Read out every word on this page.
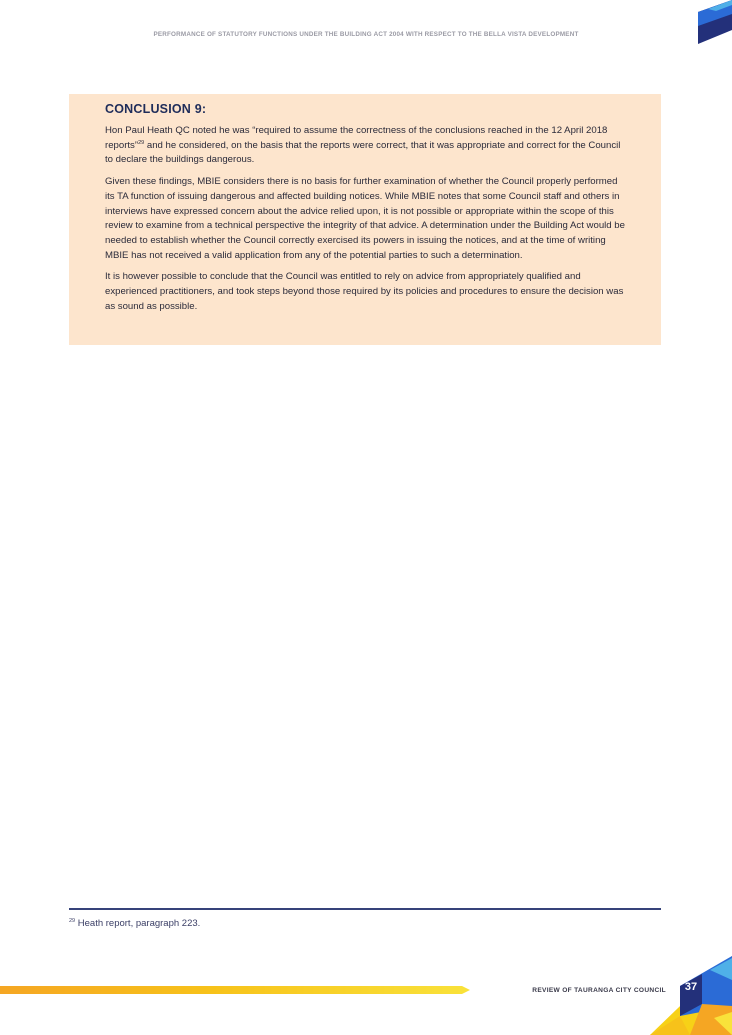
PERFORMANCE OF STATUTORY FUNCTIONS UNDER THE BUILDING ACT 2004 WITH RESPECT TO THE BELLA VISTA DEVELOPMENT
CONCLUSION 9:

Hon Paul Heath QC noted he was “required to assume the correctness of the conclusions reached in the 12 April 2018 reports”$^{29}$ and he considered, on the basis that the reports were correct, that it was appropriate and correct for the Council to declare the buildings dangerous.

Given these findings, MBIE considers there is no basis for further examination of whether the Council properly performed its TA function of issuing dangerous and affected building notices. While MBIE notes that some Council staff and others in interviews have expressed concern about the advice relied upon, it is not possible or appropriate within the scope of this review to examine from a technical perspective the integrity of that advice. A determination under the Building Act would be needed to establish whether the Council correctly exercised its powers in issuing the notices, and at the time of writing MBIE has not received a valid application from any of the potential parties to such a determination.

It is however possible to conclude that the Council was entitled to rely on advice from appropriately qualified and experienced practitioners, and took steps beyond those required by its policies and procedures to ensure the decision was as sound as possible.

$^{29}$ Heath report, paragraph 223.
REVIEW OF TAURANGA CITY COUNCIL	37
